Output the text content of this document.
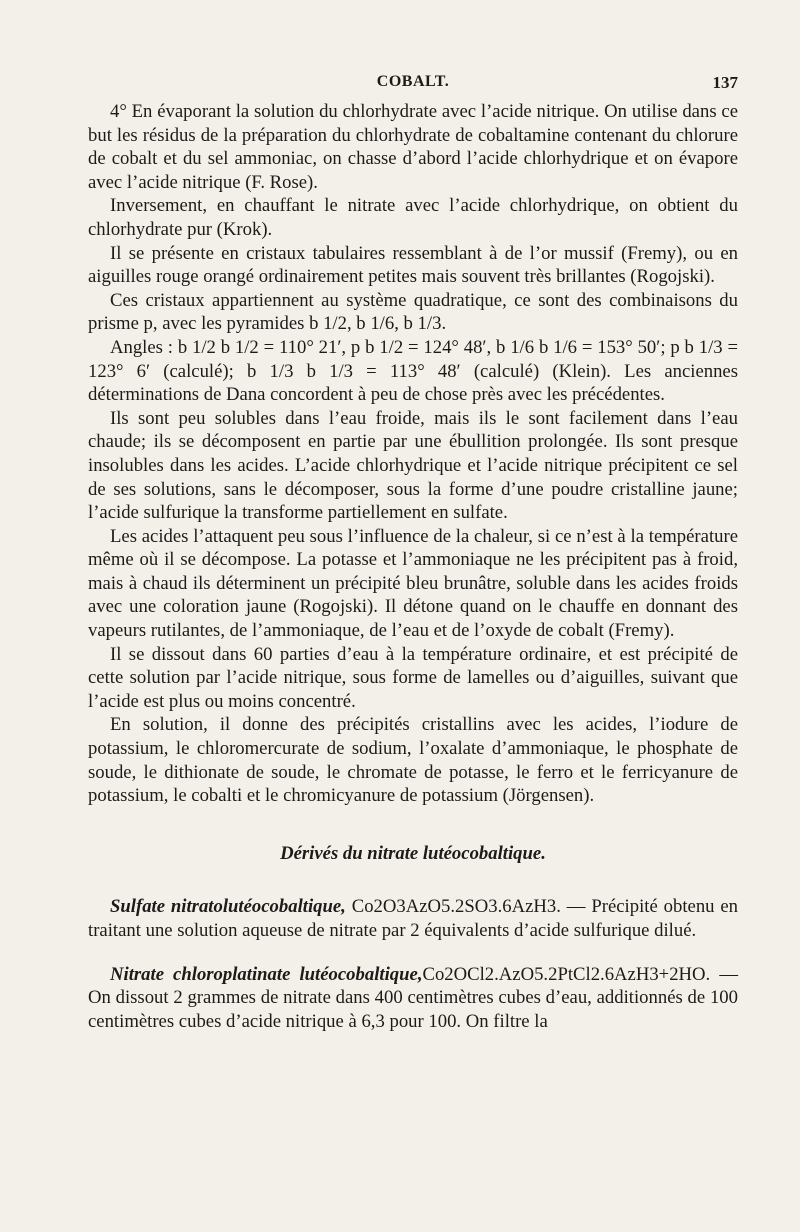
COBALT.	137

4° En évaporant la solution du chlorhydrate avec l’acide nitrique. On utilise dans ce but les résidus de la préparation du chlorhydrate de cobaltamine contenant du chlorure de cobalt et du sel ammoniac, on chasse d’abord l’acide chlorhydrique et on évapore avec l’acide nitrique (F. Rose).

Inversement, en chauffant le nitrate avec l’acide chlorhydrique, on obtient du chlorhydrate pur (Krok).

Il se présente en cristaux tabulaires ressemblant à de l’or mussif (Fremy), ou en aiguilles rouge orangé ordinairement petites mais souvent très brillantes (Rogojski).

Ces cristaux appartiennent au système quadratique, ce sont des combinaisons du prisme p, avec les pyramides b 1/2, b 1/6, b 1/3.

Angles : b 1/2 b 1/2 = 110° 21′, p b 1/2 = 124° 48′, b 1/6 b 1/6 = 153° 50′; p b 1/3 = 123° 6′ (calculé); b 1/3 b 1/3 = 113° 48′ (calculé) (Klein). Les anciennes déterminations de Dana concordent à peu de chose près avec les précédentes.

Ils sont peu solubles dans l’eau froide, mais ils le sont facilement dans l’eau chaude; ils se décomposent en partie par une ébullition prolongée. Ils sont presque insolubles dans les acides. L’acide chlorhydrique et l’acide nitrique précipitent ce sel de ses solutions, sans le décomposer, sous la forme d’une poudre cristalline jaune; l’acide sulfurique la transforme partiellement en sulfate.

Les acides l’attaquent peu sous l’influence de la chaleur, si ce n’est à la température même où il se décompose. La potasse et l’ammoniaque ne les précipitent pas à froid, mais à chaud ils déterminent un précipité bleu brunâtre, soluble dans les acides froids avec une coloration jaune (Rogojski). Il détone quand on le chauffe en donnant des vapeurs rutilantes, de l’ammoniaque, de l’eau et de l’oxyde de cobalt (Fremy).

Il se dissout dans 60 parties d’eau à la température ordinaire, et est précipité de cette solution par l’acide nitrique, sous forme de lamelles ou d’aiguilles, suivant que l’acide est plus ou moins concentré.

En solution, il donne des précipités cristallins avec les acides, l’iodure de potassium, le chloromercurate de sodium, l’oxalate d’ammoniaque, le phosphate de soude, le dithionate de soude, le chromate de potasse, le ferro et le ferricyanure de potassium, le cobalti et le chromicyanure de potassium (Jörgensen).

Dérivés du nitrate lutéocobaltique.

Sulfate nitratolutéocobaltique, Co2O3AzO5.2SO3.6AzH3. — Précipité obtenu en traitant une solution aqueuse de nitrate par 2 équivalents d’acide sulfurique dilué.

Nitrate chloroplatinate lutéocobaltique,Co2OCl2.AzO5.2PtCl2.6AzH3+2HO. — On dissout 2 grammes de nitrate dans 400 centimètres cubes d’eau, additionnés de 100 centimètres cubes d’acide nitrique à 6,3 pour 100. On filtre la
